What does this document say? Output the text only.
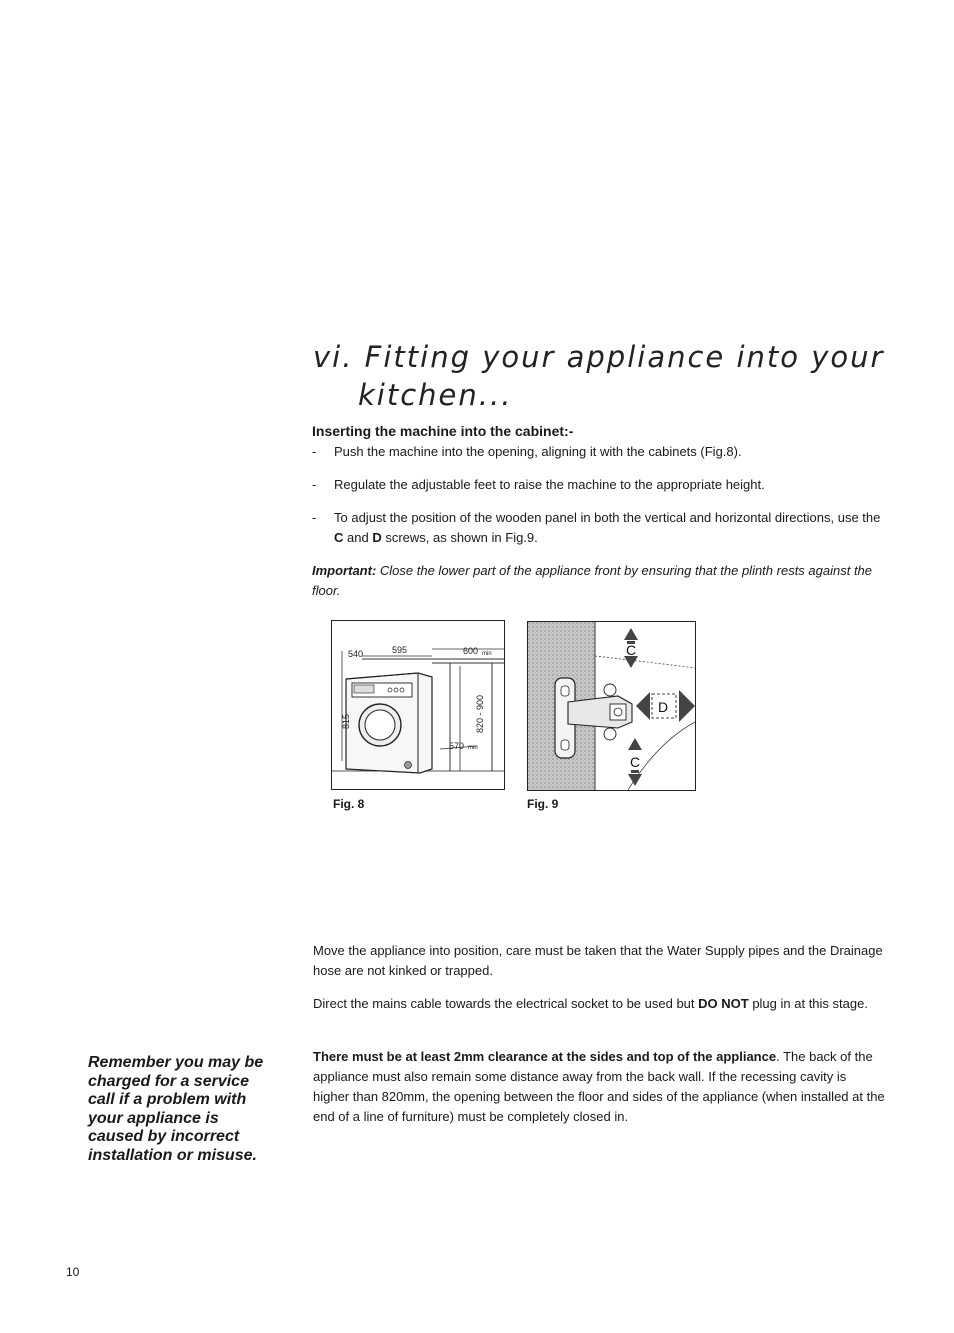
vi. Fitting your appliance into your
kitchen...
Inserting the machine into the cabinet:-
-	Push the machine into the opening, aligning it with the cabinets (Fig.8).
-	Regulate the adjustable feet to raise the machine to the appropriate height.
-	To adjust the position of the wooden panel in both the vertical and horizontal directions, use the C and D screws, as shown in Fig.9.

Important: Close the lower part of the appliance front by ensuring that the plinth rests against the floor.

540	595	600 min
815	820 - 900
570 min
Fig. 8
C
D
C
Fig. 9

Move the appliance into position, care must be taken that the Water Supply pipes and the Drainage hose are not kinked or trapped.

Direct the mains cable towards the electrical socket to be used but DO NOT plug in at this stage.

There must be at least 2mm clearance at the sides and top of the appliance. The back of the appliance must also remain some distance away from the back wall. If the recessing cavity is higher than 820mm, the opening between the floor and sides of the appliance (when installed at the end of a line of furniture) must be completely closed in.

Remember you may be charged for a service call if a problem with your appliance is caused by incorrect installation or misuse.

10
